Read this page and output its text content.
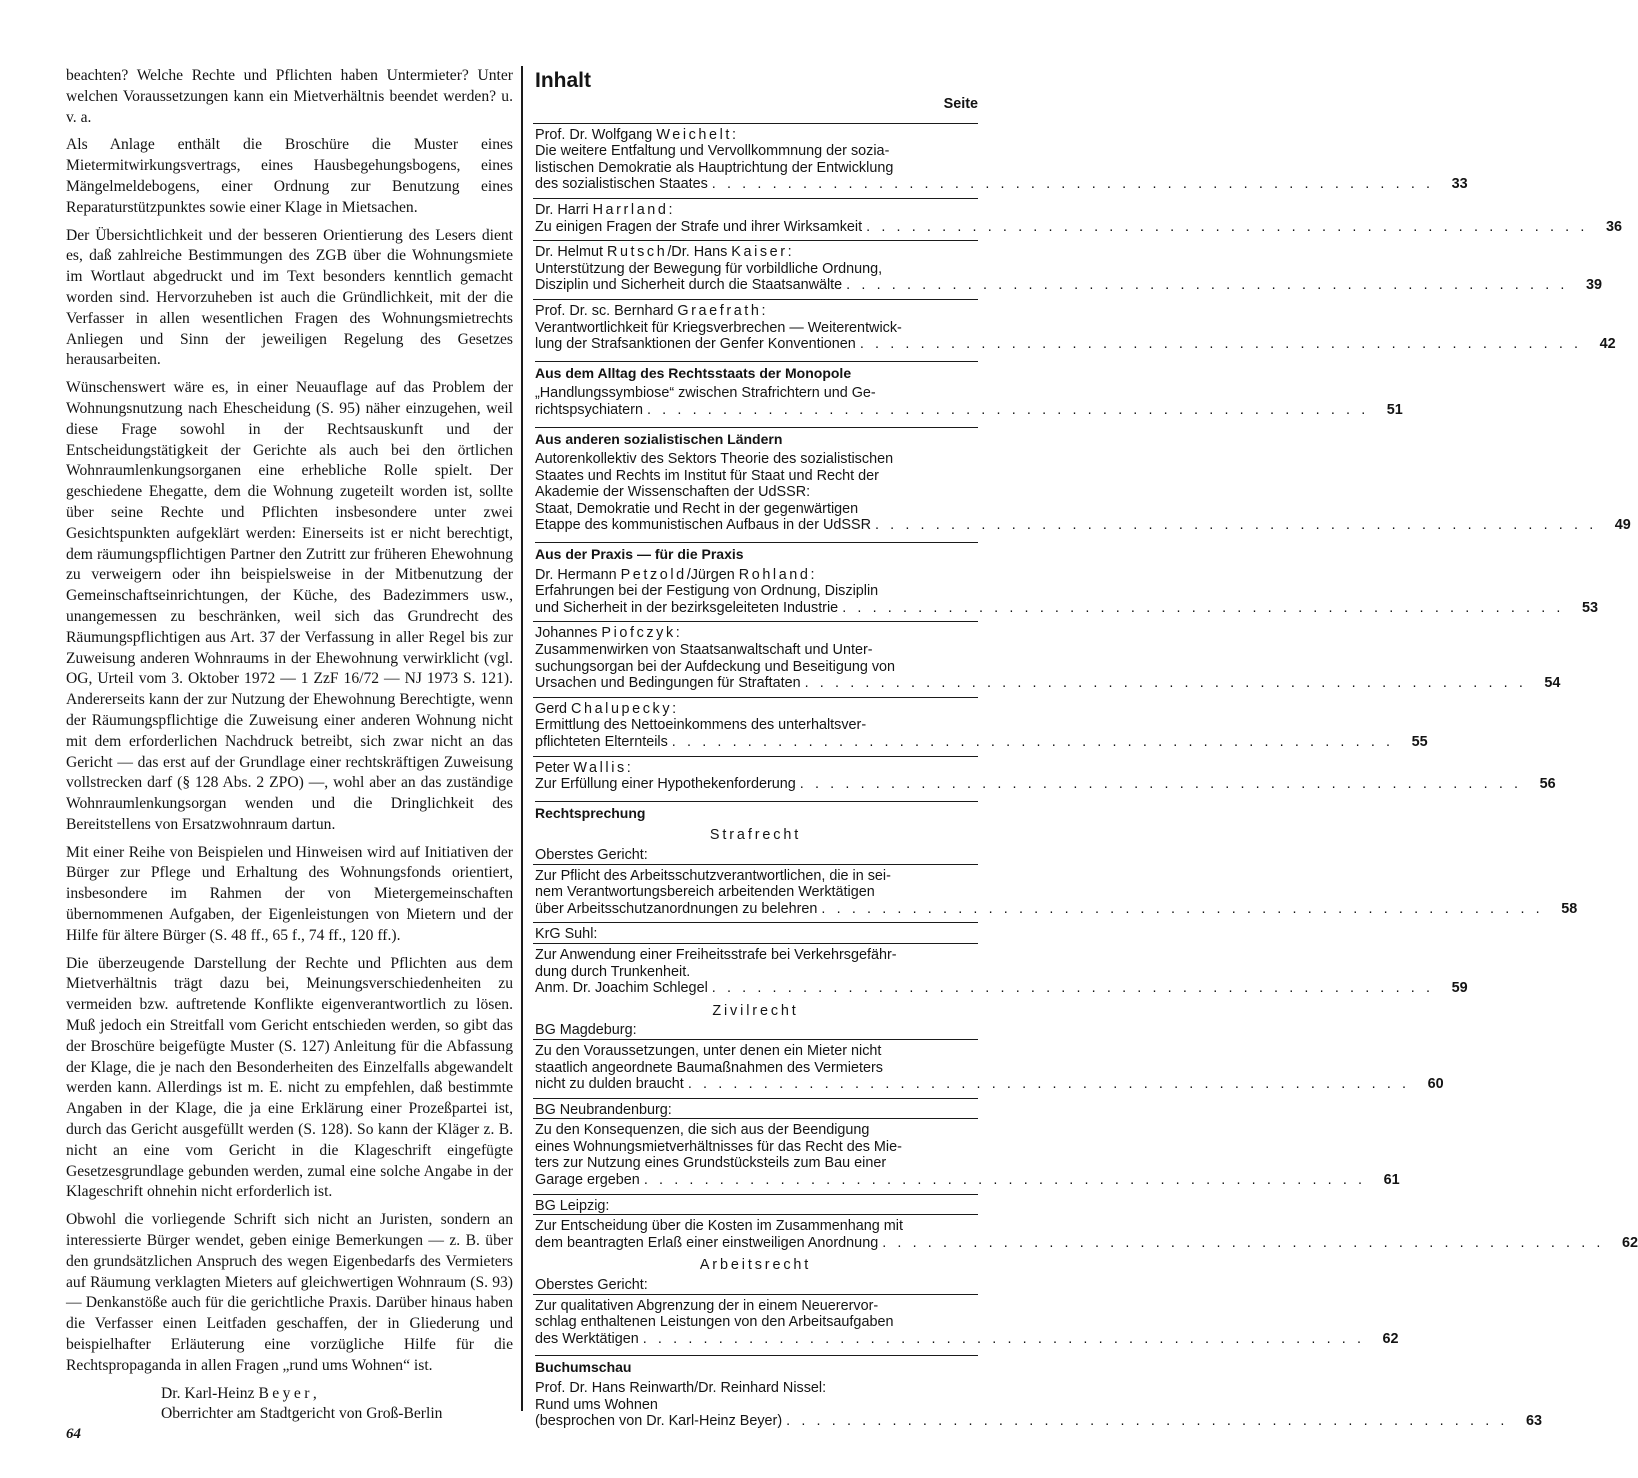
beachten? Welche Rechte und Pflichten haben Untermieter? Unter welchen Voraussetzungen kann ein Mietverhältnis beendet werden? u. v. a.

Als Anlage enthält die Broschüre die Muster eines Mietermitwirkungsvertrags, eines Hausbegehungsbogens, eines Mängelmeldebogens, einer Ordnung zur Benutzung eines Reparaturstützpunktes sowie einer Klage in Mietsachen.

Der Übersichtlichkeit und der besseren Orientierung des Lesers dient es, daß zahlreiche Bestimmungen des ZGB über die Wohnungsmiete im Wortlaut abgedruckt und im Text besonders kenntlich gemacht worden sind. Hervorzuheben ist auch die Gründlichkeit, mit der die Verfasser in allen wesentlichen Fragen des Wohnungsmietrechts Anliegen und Sinn der jeweiligen Regelung des Gesetzes herausarbeiten.

Wünschenswert wäre es, in einer Neuauflage auf das Problem der Wohnungsnutzung nach Ehescheidung (S. 95) näher einzugehen, weil diese Frage sowohl in der Rechtsauskunft und der Entscheidungstätigkeit der Gerichte als auch bei den örtlichen Wohnraumlenkungsorganen eine erhebliche Rolle spielt. Der geschiedene Ehegatte, dem die Wohnung zugeteilt worden ist, sollte über seine Rechte und Pflichten insbesondere unter zwei Gesichtspunkten aufgeklärt werden: Einerseits ist er nicht berechtigt, dem räumungspflichtigen Partner den Zutritt zur früheren Ehewohnung zu verweigern oder ihn beispielsweise in der Mitbenutzung der Gemeinschaftseinrichtungen, der Küche, des Badezimmers usw., unangemessen zu beschränken, weil sich das Grundrecht des Räumungspflichtigen aus Art. 37 der Verfassung in aller Regel bis zur Zuweisung anderen Wohnraums in der Ehewohnung verwirklicht (vgl. OG, Urteil vom 3. Oktober 1972 — 1 ZzF 16/72 — NJ 1973 S. 121). Andererseits kann der zur Nutzung der Ehewohnung Berechtigte, wenn der Räumungspflichtige die Zuweisung einer anderen Wohnung nicht mit dem erforderlichen Nachdruck betreibt, sich zwar nicht an das Gericht — das erst auf der Grundlage einer rechtskräftigen Zuweisung vollstrecken darf (§ 128 Abs. 2 ZPO) —, wohl aber an das zuständige Wohnraumlenkungsorgan wenden und die Dringlichkeit des Bereitstellens von Ersatzwohnraum dartun.

Mit einer Reihe von Beispielen und Hinweisen wird auf Initiativen der Bürger zur Pflege und Erhaltung des Wohnungsfonds orientiert, insbesondere im Rahmen der von Mietergemeinschaften übernommenen Aufgaben, der Eigenleistungen von Mietern und der Hilfe für ältere Bürger (S. 48 ff., 65 f., 74 ff., 120 ff.).

Die überzeugende Darstellung der Rechte und Pflichten aus dem Mietverhältnis trägt dazu bei, Meinungsverschiedenheiten zu vermeiden bzw. auftretende Konflikte eigenverantwortlich zu lösen. Muß jedoch ein Streitfall vom Gericht entschieden werden, so gibt das der Broschüre beigefügte Muster (S. 127) Anleitung für die Abfassung der Klage, die je nach den Besonderheiten des Einzelfalls abgewandelt werden kann. Allerdings ist m. E. nicht zu empfehlen, daß bestimmte Angaben in der Klage, die ja eine Erklärung einer Prozeßpartei ist, durch das Gericht ausgefüllt werden (S. 128). So kann der Kläger z. B. nicht an eine vom Gericht in die Klageschrift eingefügte Gesetzesgrundlage gebunden werden, zumal eine solche Angabe in der Klageschrift ohnehin nicht erforderlich ist.

Obwohl die vorliegende Schrift sich nicht an Juristen, sondern an interessierte Bürger wendet, geben einige Bemerkungen — z. B. über den grundsätzlichen Anspruch des wegen Eigenbedarfs des Vermieters auf Räumung verklagten Mieters auf gleichwertigen Wohnraum (S. 93) — Denkanstöße auch für die gerichtliche Praxis. Darüber hinaus haben die Verfasser einen Leitfaden geschaffen, der in Gliederung und beispielhafter Erläuterung eine vorzügliche Hilfe für die Rechtspropaganda in allen Fragen „rund ums Wohnen“ ist.

Dr. Karl-Heinz Beyer,
Oberrichter am Stadtgericht von Groß-Berlin
Inhalt
Seite
Prof. Dr. Wolfgang Weichelt:
Die weitere Entfaltung und Vervollkommnung der sozia-
listischen Demokratie als Hauptrichtung der Entwicklung
des sozialistischen Staates . . . . . . . . . . . . . . . . . . . . . . . . . . . . . . . . . . . . . . . . . . . . . . . .	33
Dr. Harri Harrland:
Zu einigen Fragen der Strafe und ihrer Wirksamkeit . . . . . . . . . . . . . . . . . . . . . . . . . . . . . . . . . . . . . . . . . . . . . . . .	36
Dr. Helmut Rutsch/Dr. Hans Kaiser:
Unterstützung der Bewegung für vorbildliche Ordnung,
Disziplin und Sicherheit durch die Staatsanwälte . . . . . . . . . . . . . . . . . . . . . . . . . . . . . . . . . . . . . . . . . . . . . . . .	39
Prof. Dr. sc. Bernhard Graefrath:
Verantwortlichkeit für Kriegsverbrechen — Weiterentwick-
lung der Strafsanktionen der Genfer Konventionen . . . . . . . . . . . . . . . . . . . . . . . . . . . . . . . . . . . . . . . . . . . . . . . .	42
Aus dem Alltag des Rechtsstaats der Monopole
„Handlungssymbiose“ zwischen Strafrichtern und Ge-
richtspsychiatern . . . . . . . . . . . . . . . . . . . . . . . . . . . . . . . . . . . . . . . . . . . . . . . .	51
Aus anderen sozialistischen Ländern
Autorenkollektiv des Sektors Theorie des sozialistischen
Staates und Rechts im Institut für Staat und Recht der
Akademie der Wissenschaften der UdSSR:
Staat, Demokratie und Recht in der gegenwärtigen
Etappe des kommunistischen Aufbaus in der UdSSR . . . . . . . . . . . . . . . . . . . . . . . . . . . . . . . . . . . . . . . . . . . . . . . .	49
Aus der Praxis — für die Praxis
Dr. Hermann Petzold/Jürgen Rohland:
Erfahrungen bei der Festigung von Ordnung, Disziplin
und Sicherheit in der bezirksgeleiteten Industrie . . . . . . . . . . . . . . . . . . . . . . . . . . . . . . . . . . . . . . . . . . . . . . . .	53
Johannes Piofczyk:
Zusammenwirken von Staatsanwaltschaft und Unter-
suchungsorgan bei der Aufdeckung und Beseitigung von
Ursachen und Bedingungen für Straftaten . . . . . . . . . . . . . . . . . . . . . . . . . . . . . . . . . . . . . . . . . . . . . . . .	54
Gerd Chalupecky:
Ermittlung des Nettoeinkommens des unterhaltsver-
pflichteten Elternteils . . . . . . . . . . . . . . . . . . . . . . . . . . . . . . . . . . . . . . . . . . . . . . . .	55
Peter Wallis:
Zur Erfüllung einer Hypothekenforderung . . . . . . . . . . . . . . . . . . . . . . . . . . . . . . . . . . . . . . . . . . . . . . . .	56
Rechtsprechung
Strafrecht
Oberstes Gericht:
Zur Pflicht des Arbeitsschutzverantwortlichen, die in sei-
nem Verantwortungsbereich arbeitenden Werktätigen
über Arbeitsschutzanordnungen zu belehren . . . . . . . . . . . . . . . . . . . . . . . . . . . . . . . . . . . . . . . . . . . . . . . .	58
KrG Suhl:
Zur Anwendung einer Freiheitsstrafe bei Verkehrsgefähr-
dung durch Trunkenheit.
Anm. Dr. Joachim Schlegel . . . . . . . . . . . . . . . . . . . . . . . . . . . . . . . . . . . . . . . . . . . . . . . .	59
Zivilrecht
BG Magdeburg:
Zu den Voraussetzungen, unter denen ein Mieter nicht
staatlich angeordnete Baumaßnahmen des Vermieters
nicht zu dulden braucht . . . . . . . . . . . . . . . . . . . . . . . . . . . . . . . . . . . . . . . . . . . . . . . .	60
BG Neubrandenburg:
Zu den Konsequenzen, die sich aus der Beendigung
eines Wohnungsmietverhältnisses für das Recht des Mie-
ters zur Nutzung eines Grundstücksteils zum Bau einer
Garage ergeben . . . . . . . . . . . . . . . . . . . . . . . . . . . . . . . . . . . . . . . . . . . . . . . .	61
BG Leipzig:
Zur Entscheidung über die Kosten im Zusammenhang mit
dem beantragten Erlaß einer einstweiligen Anordnung . . . . . . . . . . . . . . . . . . . . . . . . . . . . . . . . . . . . . . . . . . . . . . . .	62
Arbeitsrecht
Oberstes Gericht:
Zur qualitativen Abgrenzung der in einem Neuerervor-
schlag enthaltenen Leistungen von den Arbeitsaufgaben
des Werktätigen . . . . . . . . . . . . . . . . . . . . . . . . . . . . . . . . . . . . . . . . . . . . . . . .	62
Buchumschau
Prof. Dr. Hans Reinwarth/Dr. Reinhard Nissel:
Rund ums Wohnen
(besprochen von Dr. Karl-Heinz Beyer) . . . . . . . . . . . . . . . . . . . . . . . . . . . . . . . . . . . . . . . . . . . . . . . .	63
64
